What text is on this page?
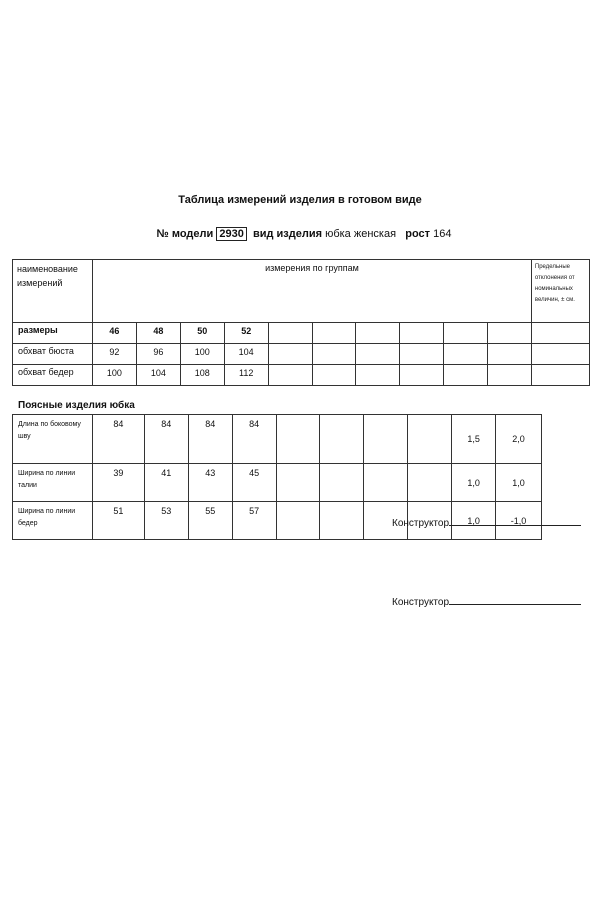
Таблица измерений изделия в готовом виде
№ модели 2930 вид изделия юбка женская рост 164
наименование измерений	измерения по группам										Предельные отклонения от номинальных величин, ± см.
размеры	46	48	50	52							
обхват бюста	92	96	100	104							
обхват бедер	100	104	108	112							
Поясные изделия юбка
Длина по боковому шву	84	84	84	84					1,5	2,0
Ширина по линии талии	39	41	43	45					1,0	1,0
Ширина по линии бедер	51	53	55	57					1,0	-1,0
Конструктор
Конструктор
